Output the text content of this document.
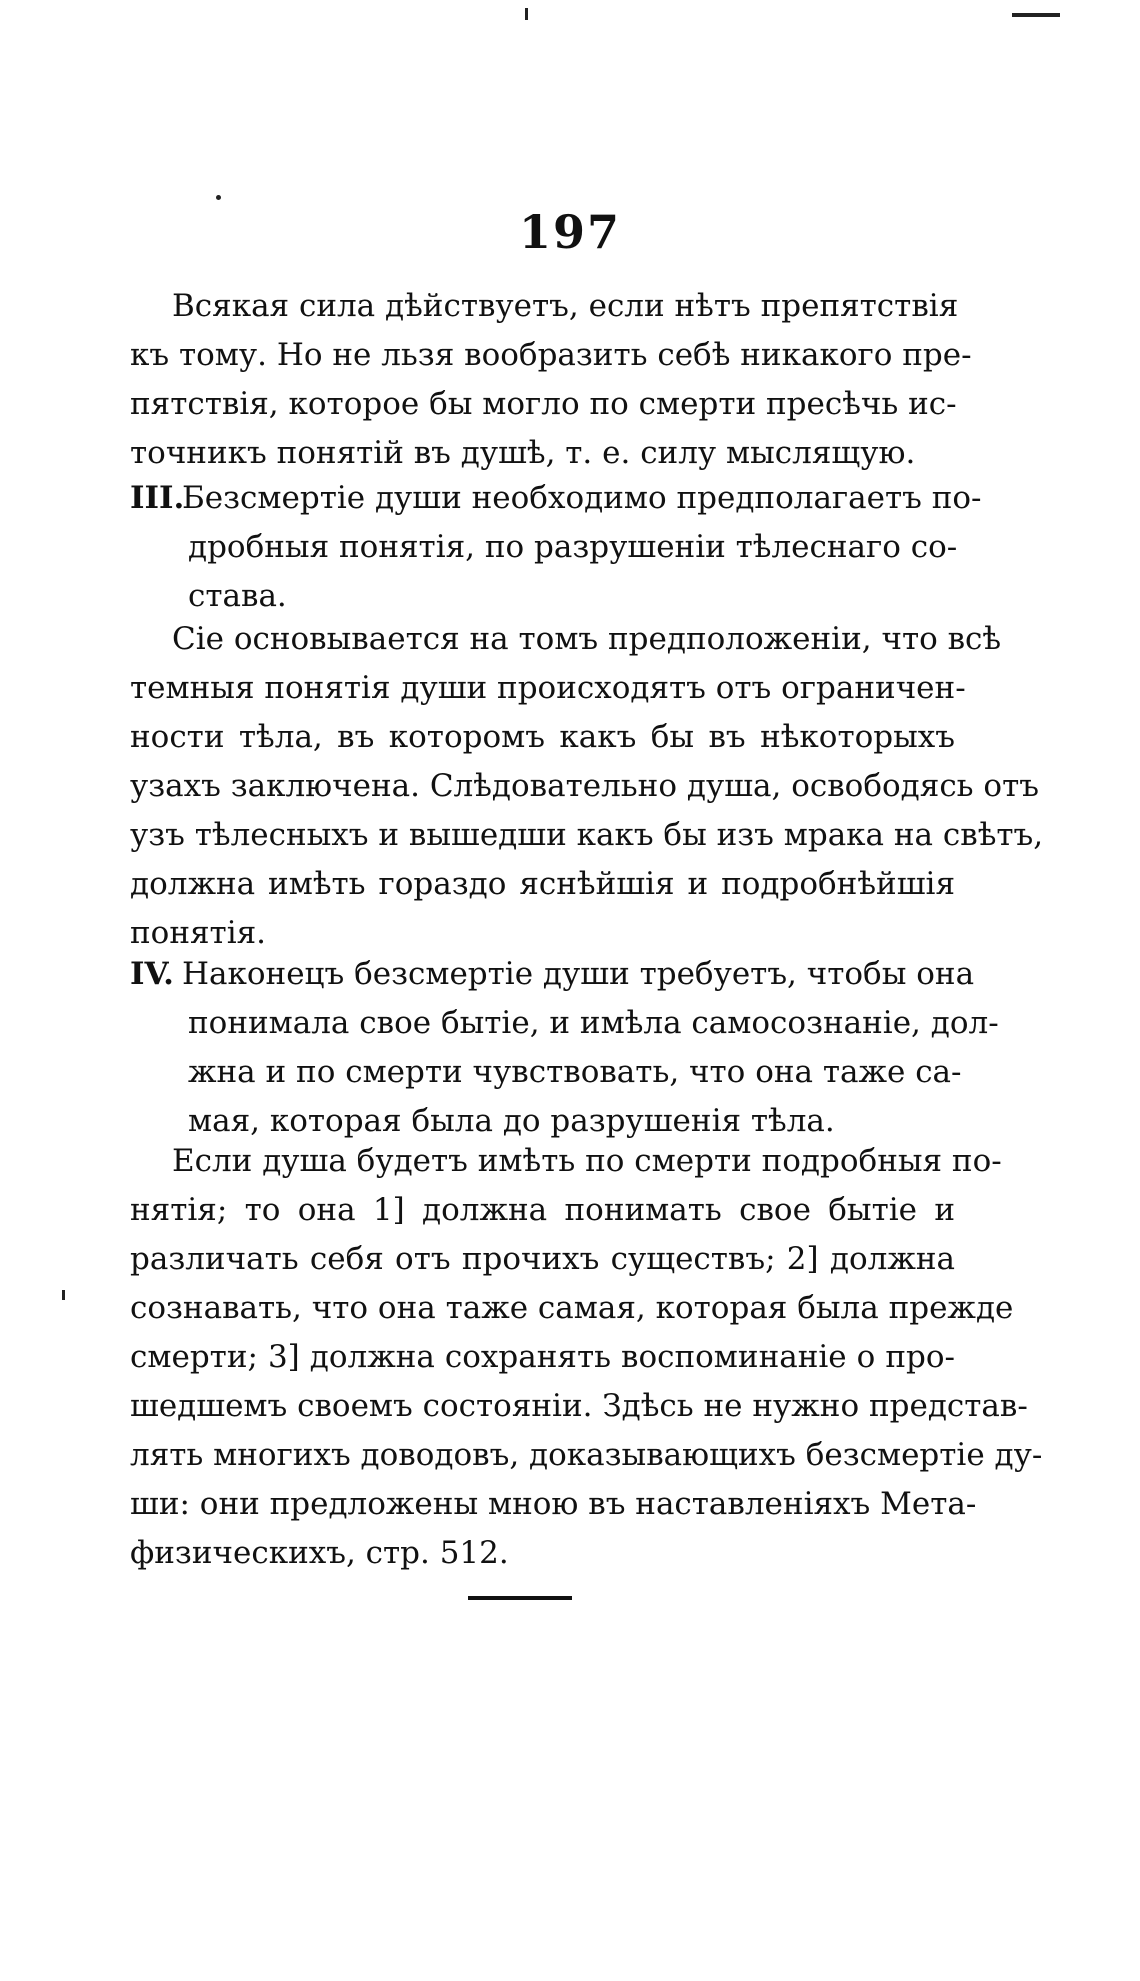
197
Всякая сила дѣйствуетъ, если нѣтъ препятствія
къ тому. Но не льзя вообразить себѣ никакого пре-
пятствія, которое бы могло по смерти пресѣчь ис-
точникъ понятій въ душѣ, т. е. силу мыслящую.
III.
Безсмертіе души необходимо предполагаетъ по-
дробныя понятія, по разрушеніи тѣлеснаго со-
става.
Сіе основывается на томъ предположеніи, что всѣ
темныя понятія души происходятъ отъ ограничен-
ности тѣла, въ которомъ какъ бы въ нѣкоторыхъ
узахъ заключена. Слѣдовательно душа, освободясь отъ
узъ тѣлесныхъ и вышедши какъ бы изъ мрака на свѣтъ,
должна имѣть гораздо яснѣйшія и подробнѣйшія
понятія.
IV. Наконецъ безсмертіе души требуетъ, чтобы она
понимала свое бытіе, и имѣла самосознаніе, дол-
жна и по смерти чувствовать, что она таже са-
мая, которая была до разрушенія тѣла.
Если душа будетъ имѣть по смерти подробныя по-
нятія; то она 1] должна понимать свое бытіе и
различать себя отъ прочихъ существъ; 2] должна
сознавать, что она таже самая, которая была прежде
смерти; 3] должна сохранять воспоминаніе о про-
шедшемъ своемъ состояніи. Здѣсь не нужно представ-
лять многихъ доводовъ, доказывающихъ безсмертіе ду-
ши: они предложены мною въ наставленіяхъ Мета-
физическихъ, стр. 512.
